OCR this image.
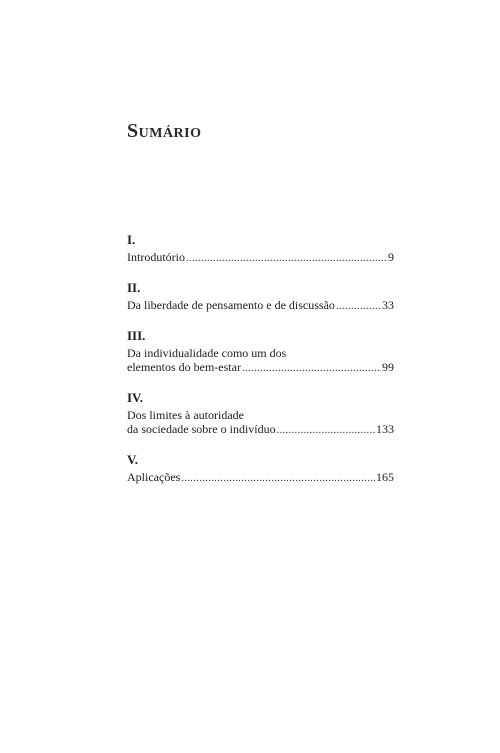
Sumário
I.
Introdutório .....	9
II.
Da liberdade de pensamento e de discussão .....	33
III.
Da individualidade como um dos
elementos do bem-estar .....	99
IV.
Dos limites à autoridade
da sociedade sobre o indivíduo .....	133
V.
Aplicações .....	165
